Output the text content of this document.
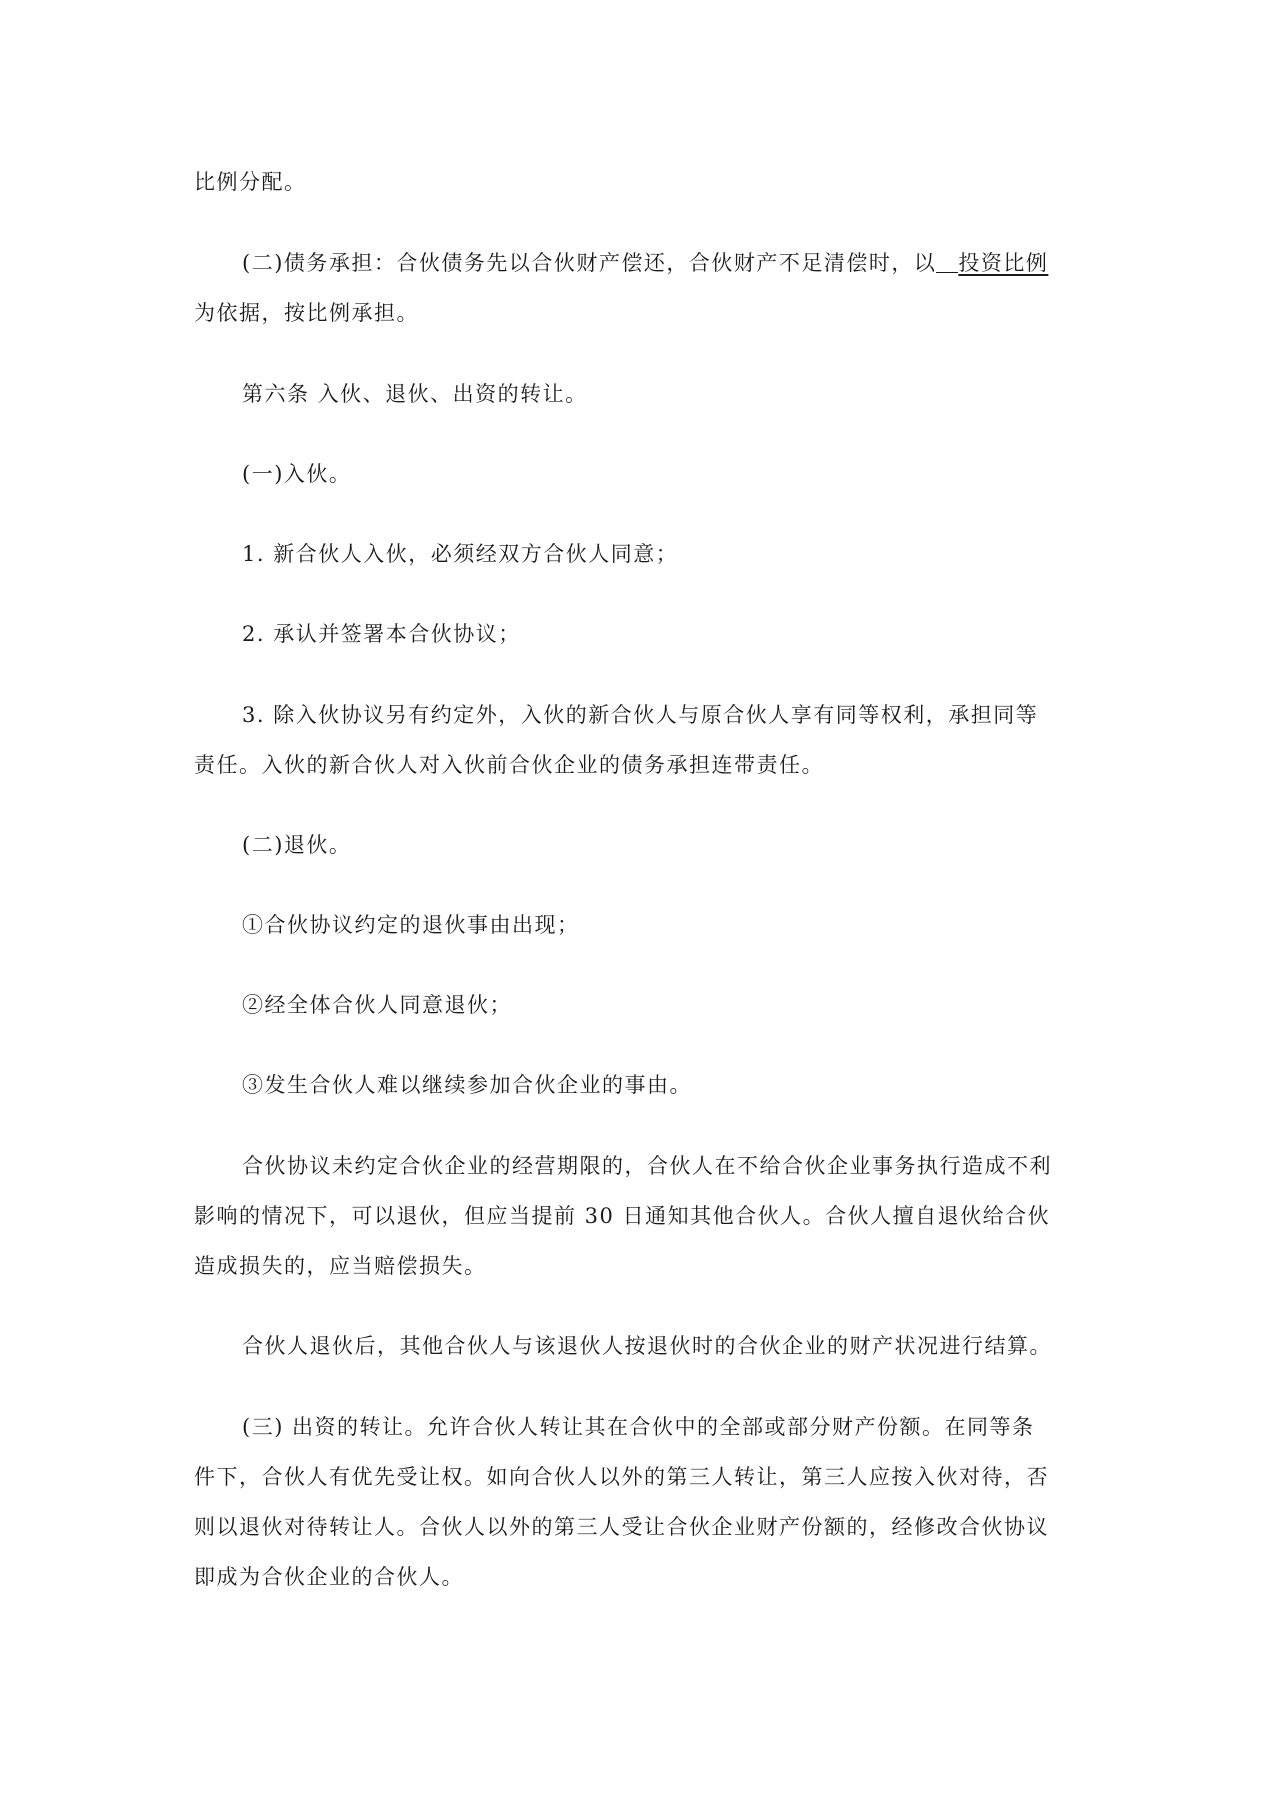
比例分配。

(二)债务承担：合伙债务先以合伙财产偿还，合伙财产不足清偿时，以 投资比例
为依据，按比例承担。

第六条 入伙、退伙、出资的转让。

(一)入伙。

1. 新合伙人入伙，必须经双方合伙人同意；

2. 承认并签署本合伙协议；

3. 除入伙协议另有约定外，入伙的新合伙人与原合伙人享有同等权利，承担同等
责任。入伙的新合伙人对入伙前合伙企业的债务承担连带责任。

(二)退伙。

①合伙协议约定的退伙事由出现；

②经全体合伙人同意退伙；

③发生合伙人难以继续参加合伙企业的事由。

合伙协议未约定合伙企业的经营期限的，合伙人在不给合伙企业事务执行造成不利
影响的情况下，可以退伙，但应当提前 30 日通知其他合伙人。合伙人擅自退伙给合伙
造成损失的，应当赔偿损失。

合伙人退伙后，其他合伙人与该退伙人按退伙时的合伙企业的财产状况进行结算。

(三) 出资的转让。允许合伙人转让其在合伙中的全部或部分财产份额。在同等条
件下，合伙人有优先受让权。如向合伙人以外的第三人转让，第三人应按入伙对待，否
则以退伙对待转让人。合伙人以外的第三人受让合伙企业财产份额的，经修改合伙协议
即成为合伙企业的合伙人。
